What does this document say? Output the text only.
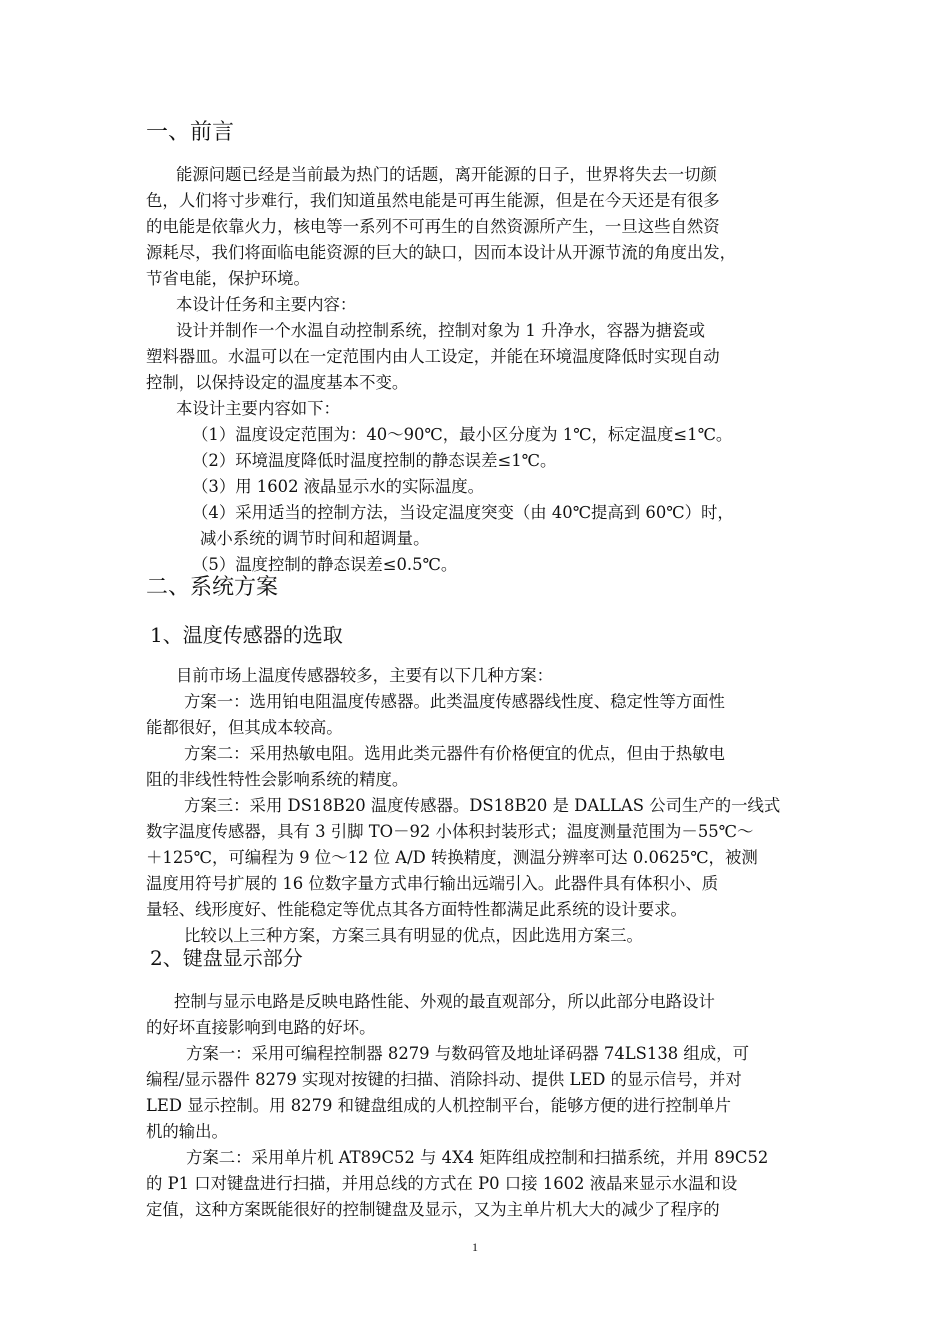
一、前言
能源问题已经是当前最为热门的话题，离开能源的日子，世界将失去一切颜
色，人们将寸步难行，我们知道虽然电能是可再生能源，但是在今天还是有很多
的电能是依靠火力，核电等一系列不可再生的自然资源所产生，一旦这些自然资
源耗尽，我们将面临电能资源的巨大的缺口，因而本设计从开源节流的角度出发，
节省电能，保护环境。
本设计任务和主要内容：
设计并制作一个水温自动控制系统，控制对象为 1 升净水，容器为搪瓷或
塑料器皿。水温可以在一定范围内由人工设定，并能在环境温度降低时实现自动
控制，以保持设定的温度基本不变。
本设计主要内容如下：
（1）温度设定范围为：40～90℃，最小区分度为 1℃，标定温度≤1℃。
（2）环境温度降低时温度控制的静态误差≤1℃。
（3）用 1602 液晶显示水的实际温度。
（4）采用适当的控制方法，当设定温度突变（由 40℃提高到 60℃）时，
减小系统的调节时间和超调量。
（5）温度控制的静态误差≤0.5℃。
二、系统方案
1、温度传感器的选取
目前市场上温度传感器较多，主要有以下几种方案：
方案一：选用铂电阻温度传感器。此类温度传感器线性度、稳定性等方面性
能都很好，但其成本较高。
方案二：采用热敏电阻。选用此类元器件有价格便宜的优点，但由于热敏电
阻的非线性特性会影响系统的精度。
方案三：采用 DS18B20 温度传感器。DS18B20 是 DALLAS 公司生产的一线式
数字温度传感器，具有 3 引脚 TO－92 小体积封装形式；温度测量范围为－55℃～
＋125℃，可编程为 9 位～12 位 A/D 转换精度，测温分辨率可达 0.0625℃，被测
温度用符号扩展的 16 位数字量方式串行输出远端引入。此器件具有体积小、质
量轻、线形度好、性能稳定等优点其各方面特性都满足此系统的设计要求。
比较以上三种方案，方案三具有明显的优点，因此选用方案三。
2、键盘显示部分
控制与显示电路是反映电路性能、外观的最直观部分，所以此部分电路设计
的好坏直接影响到电路的好坏。
方案一：采用可编程控制器 8279 与数码管及地址译码器 74LS138 组成，可
编程/显示器件 8279 实现对按键的扫描、消除抖动、提供 LED 的显示信号，并对
LED 显示控制。用 8279 和键盘组成的人机控制平台，能够方便的进行控制单片
机的输出。
方案二：采用单片机 AT89C52 与 4X4 矩阵组成控制和扫描系统，并用 89C52
的 P1 口对键盘进行扫描，并用总线的方式在 P0 口接 1602 液晶来显示水温和设
定值，这种方案既能很好的控制键盘及显示，又为主单片机大大的减少了程序的
1
